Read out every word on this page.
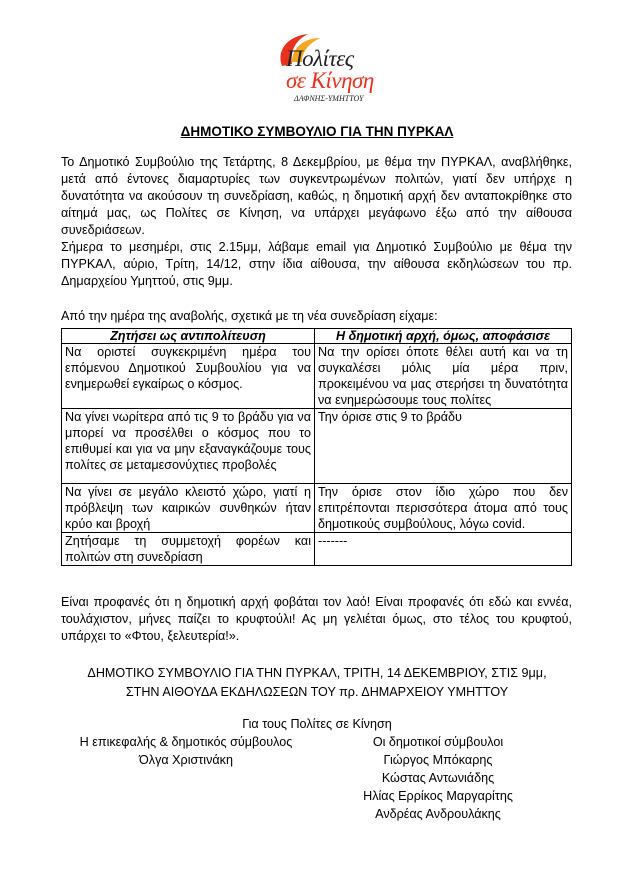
Πολίτες
σε Κίνηση
ΔΑΦΝΗΣ-ΥΜΗΤΤΟΥ
ΔΗΜΟΤΙΚΟ ΣΥΜΒΟΥΛΙΟ ΓΙΑ ΤΗΝ ΠΥΡΚΑΛ
Το Δημοτικό Συμβούλιο της Τετάρτης, 8 Δεκεμβρίου, με θέμα την ΠΥΡΚΑΛ, αναβλήθηκε, μετά από έντονες διαμαρτυρίες των συγκεντρωμένων πολιτών, γιατί δεν υπήρχε η δυνατότητα να ακούσουν τη συνεδρίαση, καθώς, η δημοτική αρχή δεν ανταποκρίθηκε στο αίτημά μας, ως Πολίτες σε Κίνηση, να υπάρχει μεγάφωνο έξω από την αίθουσα συνεδριάσεων.
Σήμερα το μεσημέρι, στις 2.15μμ, λάβαμε email για Δημοτικό Συμβούλιο με θέμα την ΠΥΡΚΑΛ, αύριο, Τρίτη, 14/12, στην ίδια αίθουσα, την αίθουσα εκδηλώσεων του πρ. Δημαρχείου Υμηττού, στις 9μμ.
Από την ημέρα της αναβολής, σχετικά με τη νέα συνεδρίαση είχαμε:
Ζητήσει ως αντιπολίτευση	Η δημοτική αρχή, όμως, αποφάσισε
Να οριστεί συγκεκριμένη ημέρα του επόμενου Δημοτικού Συμβουλίου για να ενημερωθεί εγκαίρως ο κόσμος.	Να την ορίσει όποτε θέλει αυτή και να τη συγκαλέσει μόλις μία μέρα πριν, προκειμένου να μας στερήσει τη δυνατότητα να ενημερώσουμε τους πολίτες
Να γίνει νωρίτερα από τις 9 το βράδυ για να μπορεί να προσέλθει ο κόσμος που το επιθυμεί και για να μην εξαναγκάζουμε τους πολίτες σε μεταμεσονύχτιες προβολές	Την όρισε στις 9 το βράδυ
Να γίνει σε μεγάλο κλειστό χώρο, γιατί η πρόβλεψη των καιρικών συνθηκών ήταν κρύο και βροχή	Την όρισε στον ίδιο χώρο που δεν επιτρέπονται περισσότερα άτομα από τους δημοτικούς συμβούλους, λόγω covid.
Ζητήσαμε τη συμμετοχή φορέων και πολιτών στη συνεδρίαση	-------
Είναι προφανές ότι η δημοτική αρχή φοβάται τον λαό! Είναι προφανές ότι εδώ και εννέα, τουλάχιστον, μήνες παίζει το κρυφτούλι! Ας μη γελιέται όμως, στο τέλος του κρυφτού, υπάρχει το «Φτου, ξελευτερία!».
ΔΗΜΟΤΙΚΟ ΣΥΜΒΟΥΛΙΟ ΓΙΑ ΤΗΝ ΠΥΡΚΑΛ, ΤΡΙΤΗ, 14 ΔΕΚΕΜΒΡΙΟΥ, ΣΤΙΣ 9μμ,
ΣΤΗΝ ΑΙΘΟΥΔΑ ΕΚΔΗΛΩΣΕΩΝ ΤΟΥ πρ. ΔΗΜΑΡΧΕΙΟΥ ΥΜΗΤΤΟΥ
Για τους Πολίτες σε Κίνηση
Η επικεφαλής & δημοτικός σύμβουλος
Όλγα Χριστινάκη
Οι δημοτικοί σύμβουλοι
Γιώργος Μπόκαρης
Κώστας Αντωνιάδης
Ηλίας Ερρίκος Μαργαρίτης
Ανδρέας Ανδρουλάκης
